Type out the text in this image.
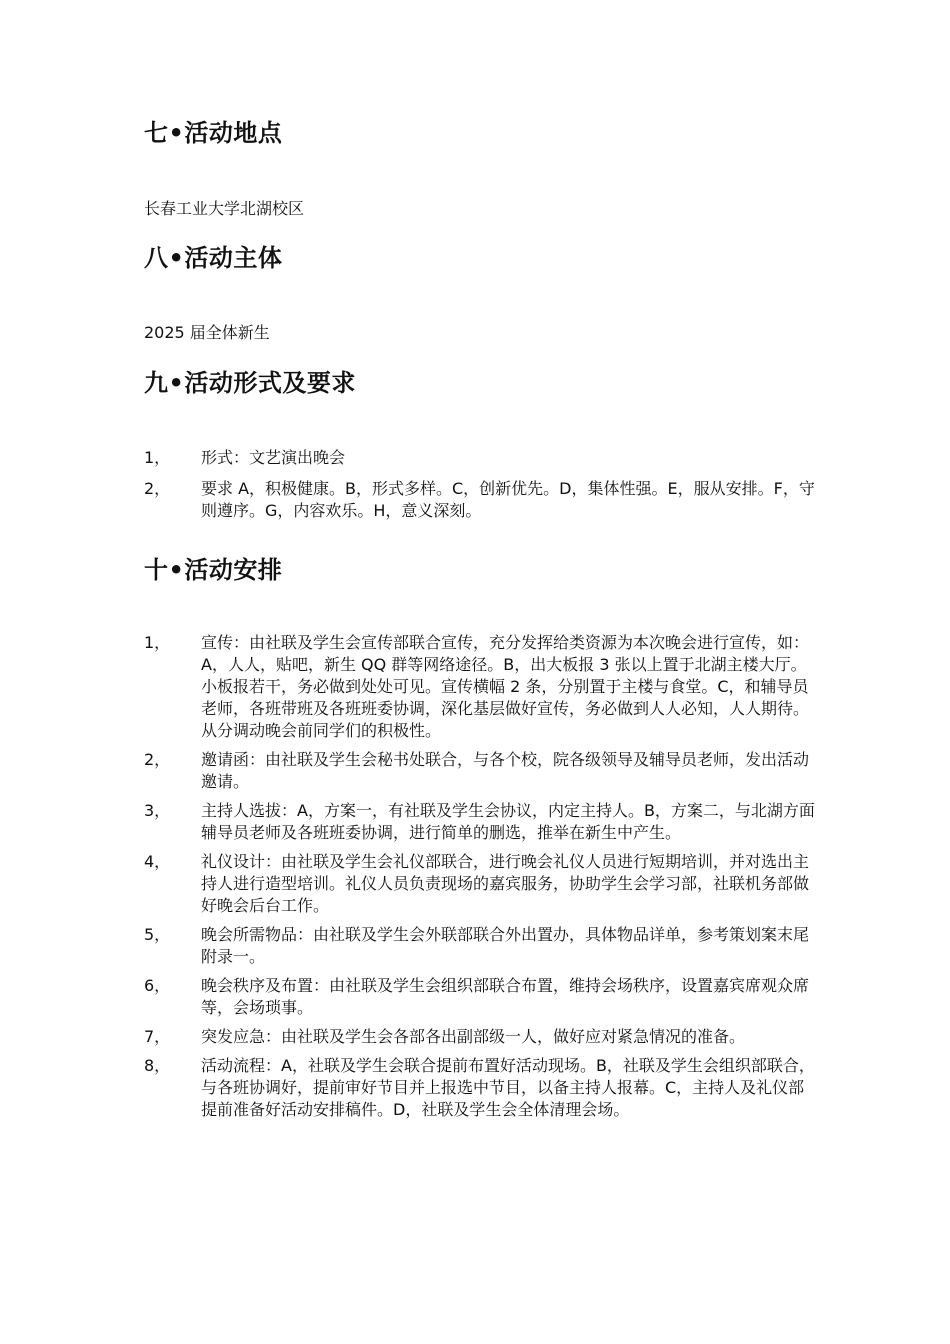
七•活动地点

长春工业大学北湖校区

八•活动主体

2025 届全体新生

九•活动形式及要求
1，	形式：文艺演出晚会
2，	要求 A，积极健康。B，形式多样。C，创新优先。D，集体性强。E，服从安排。F，守则遵序。G，内容欢乐。H，意义深刻。
十•活动安排
1，	宣传：由社联及学生会宣传部联合宣传，充分发挥给类资源为本次晚会进行宣传，如：A，人人，贴吧，新生 QQ 群等网络途径。B，出大板报 3 张以上置于北湖主楼大厅。小板报若干，务必做到处处可见。宣传横幅 2 条，分别置于主楼与食堂。C，和辅导员老师，各班带班及各班班委协调，深化基层做好宣传，务必做到人人必知，人人期待。从分调动晚会前同学们的积极性。
2，	邀请函：由社联及学生会秘书处联合，与各个校，院各级领导及辅导员老师，发出活动邀请。
3，	主持人选拔：A，方案一，有社联及学生会协议，内定主持人。B，方案二，与北湖方面辅导员老师及各班班委协调，进行简单的删选，推举在新生中产生。
4，	礼仪设计：由社联及学生会礼仪部联合，进行晚会礼仪人员进行短期培训，并对选出主持人进行造型培训。礼仪人员负责现场的嘉宾服务，协助学生会学习部，社联机务部做好晚会后台工作。
5，	晚会所需物品：由社联及学生会外联部联合外出置办，具体物品详单，参考策划案末尾附录一。
6，	晚会秩序及布置：由社联及学生会组织部联合布置，维持会场秩序，设置嘉宾席观众席等，会场琐事。
7，	突发应急：由社联及学生会各部各出副部级一人，做好应对紧急情况的准备。
8，	活动流程：A，社联及学生会联合提前布置好活动现场。B，社联及学生会组织部联合，与各班协调好，提前审好节目并上报选中节目，以备主持人报幕。C，主持人及礼仪部提前准备好活动安排稿件。D，社联及学生会全体清理会场。
